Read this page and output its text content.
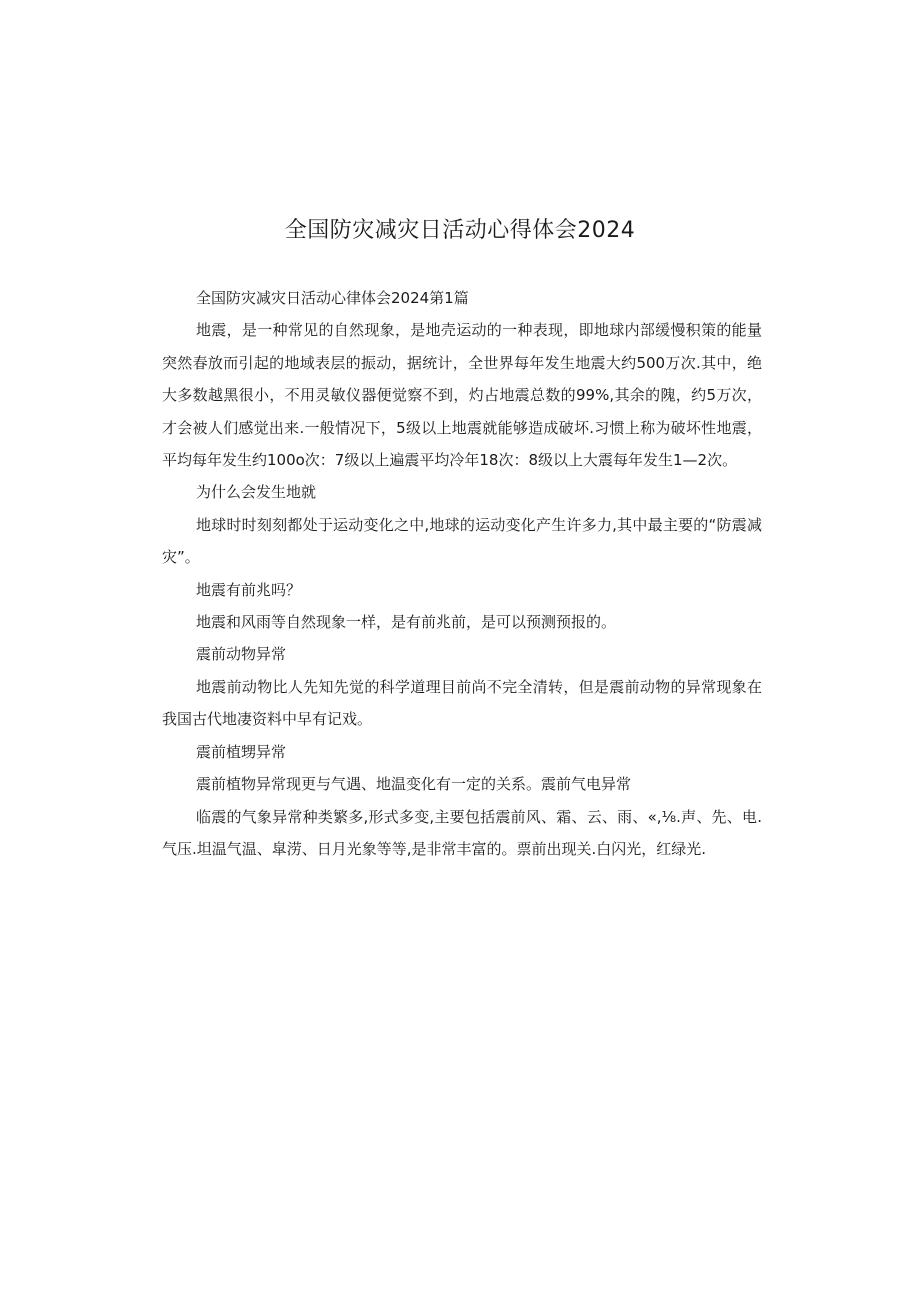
全国防灾减灾日活动心得体会2024

全国防灾减灾日活动心律体会2024第1篇

地震，是一种常见的自然现象，是地壳运动的一种表现，即地球内部缓慢积策的能量突然春放而引起的地域表层的振动，据统计，全世界每年发生地震大约500万次.其中，绝大多数越黑很小，不用灵敏仪器便觉察不到，灼占地震总数的99%,其余的隗，约5万次，才会被人们感觉出来.一般情况下，5级以上地震就能够造成破坏.习惯上称为破坏性地震，平均每年发生约100o次：7级以上遍震平均冷年18次：8级以上大震每年发生1—2次。

为什么会发生地就

地球时时刻刻都处于运动变化之中,地球的运动变化产生许多力,其中最主要的“防震减灾”。

地震有前兆吗？

地震和风雨等自然现象一样，是有前兆前，是可以预测预报的。

震前动物异常

地震前动物比人先知先觉的科学道理目前尚不完全清转，但是震前动物的异常现象在我国古代地凄资料中早有记戏。

震前植甥异常

震前植物异常现更与气遇、地温变化有一定的关系。震前气电异常

临震的气象异常种类繁多,形式多变,主要包括震前风、霜、云、雨、«,⅛.声、先、电.气压.坦温气温、皐涝、日月光象等等,是非常丰富的。票前出现关.白闪光，红绿光.
